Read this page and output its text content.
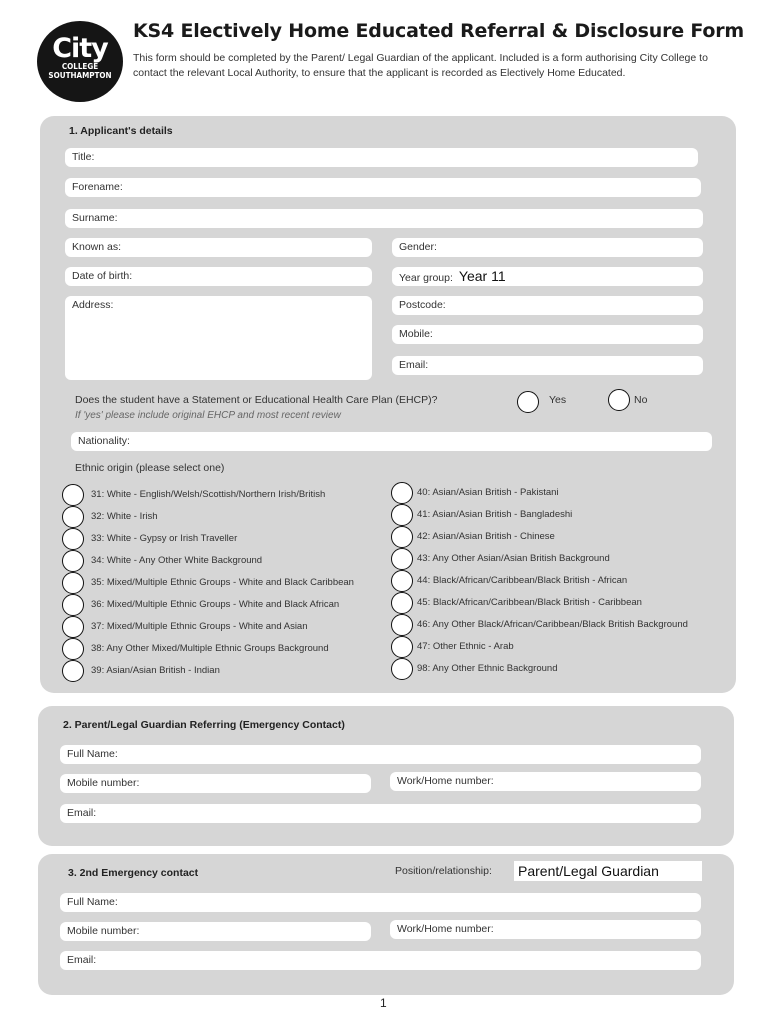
City
COLLEGE
SOUTHAMPTON
KS4 Electively Home Educated Referral & Disclosure Form
This form should be completed by the Parent/ Legal Guardian of the applicant. Included is a form authorising City College to contact the relevant Local Authority, to ensure that the applicant is recorded as Electively Home Educated.
1. Applicant's details
Title:
Forename:
Surname:
Known as:	Gender:
Date of birth:	Year group: Year 11
Address:	Postcode:
Mobile:
Email:
Does the student have a Statement or Educational Health Care Plan (EHCP)?
If 'yes' please include original EHCP and most recent review
Yes	No
Nationality:
Ethnic origin (please select one)
31: White - English/Welsh/Scottish/Northern Irish/British
32: White - Irish
33: White - Gypsy or Irish Traveller
34: White - Any Other White Background
35: Mixed/Multiple Ethnic Groups - White and Black Caribbean
36: Mixed/Multiple Ethnic Groups - White and Black African
37: Mixed/Multiple Ethnic Groups - White and Asian
38: Any Other Mixed/Multiple Ethnic Groups Background
39: Asian/Asian British - Indian
40: Asian/Asian British - Pakistani
41: Asian/Asian British - Bangladeshi
42: Asian/Asian British - Chinese
43: Any Other Asian/Asian British Background
44: Black/African/Caribbean/Black British - African
45: Black/African/Caribbean/Black British - Caribbean
46: Any Other Black/African/Caribbean/Black British Background
47: Other Ethnic - Arab
98: Any Other Ethnic Background
2. Parent/Legal Guardian Referring (Emergency Contact)
Full Name:
Mobile number:	Work/Home number:
Email:
3. 2nd Emergency contact	Position/relationship:	Parent/Legal Guardian
Full Name:
Mobile number:	Work/Home number:
Email:
1
